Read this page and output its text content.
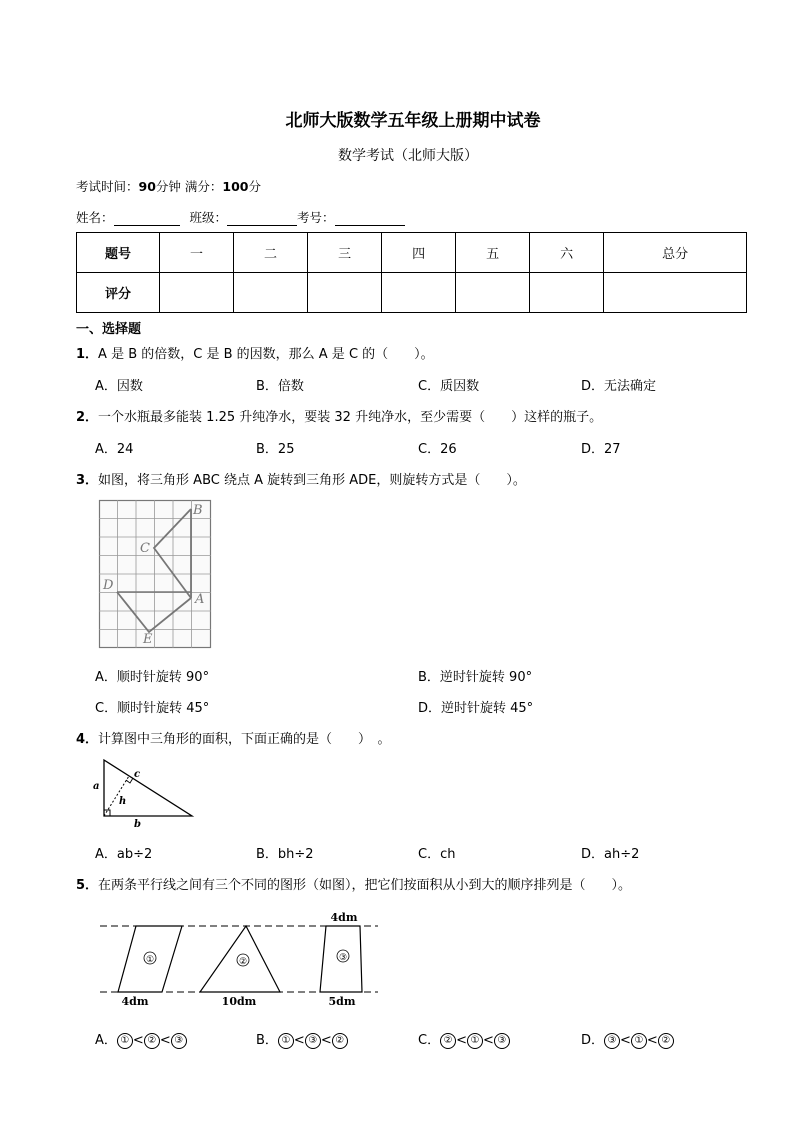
北师大版数学五年级上册期中试卷
数学考试（北师大版）
考试时间：90分钟 满分：100分
姓名：	班级：	考号：
题号	一	二	三	四	五	六	总分
评分							
一、选择题
1．A 是 B 的倍数，C 是 B 的因数，那么 A 是 C 的（　　）。
A．因数	B．倍数	C．质因数	D．无法确定
2．一个水瓶最多能装 1.25 升纯净水，要装 32 升纯净水，至少需要（　　）这样的瓶子。
A．24	B．25	C．26	D．27
3．如图，将三角形 ABC 绕点 A 旋转到三角形 ADE，则旋转方式是（　　）。
B
C
D
A
E
A．顺时针旋转 90°	B．逆时针旋转 90°
C．顺时针旋转 45°	D．逆时针旋转 45°
4．计算图中三角形的面积，下面正确的是（　　）　。
a
c
h
b
A．ab÷2	B．bh÷2	C．ch	D．ah÷2
5．在两条平行线之间有三个不同的图形（如图），把它们按面积从小到大的顺序排列是（　　）。
①	②	③
4dm
4dm	10dm	5dm
A． ① < ② < ③	B． ① < ③ < ②	C． ② < ① < ③	D． ③ < ① < ②
